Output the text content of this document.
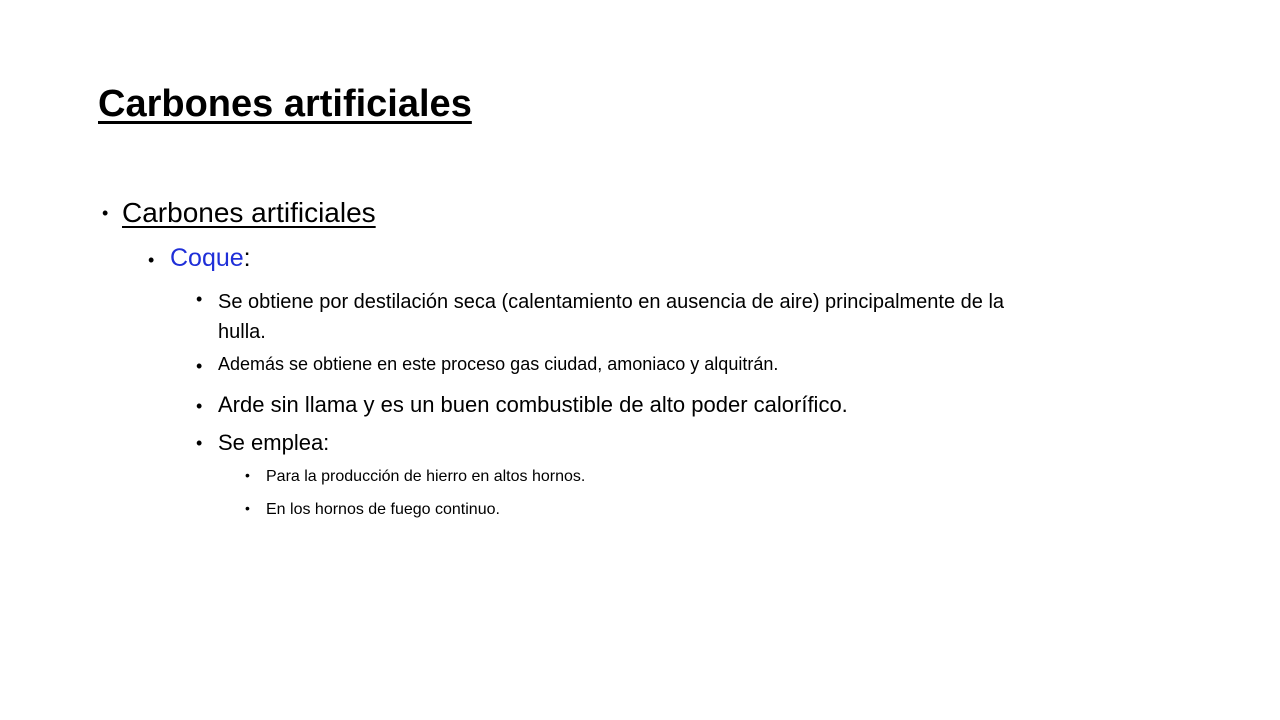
Carbones artificiales
• Carbones artificiales
• Coque:
• Se obtiene por destilación seca (calentamiento en ausencia de aire) principalmente de la hulla.
• Además se obtiene en este proceso gas ciudad, amoniaco y alquitrán.
• Arde sin llama y es un buen combustible de alto poder calorífico.
• Se emplea:
• Para la producción de hierro en altos hornos.
• En los hornos de fuego continuo.
